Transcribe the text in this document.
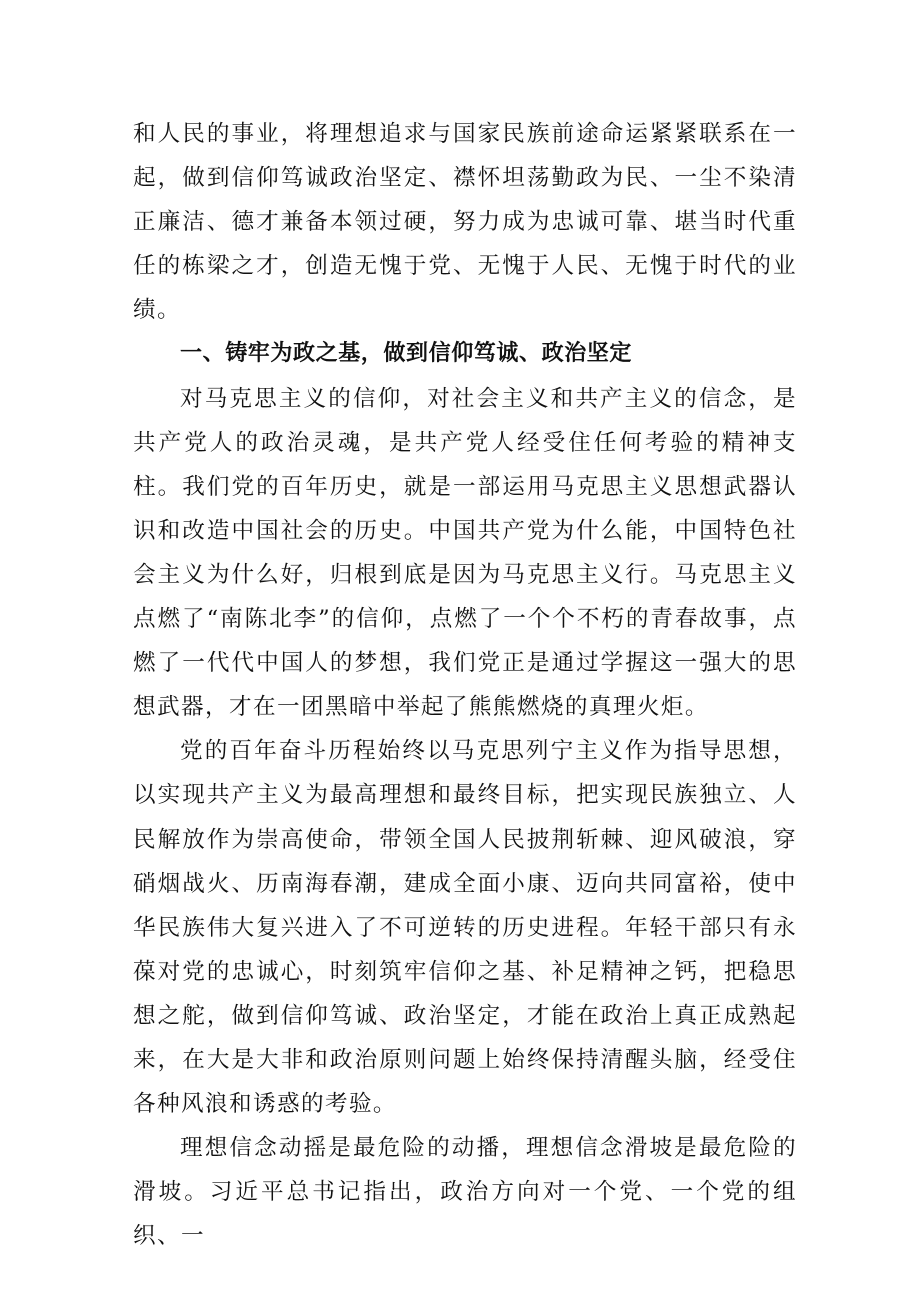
和人民的事业，将理想追求与国家民族前途命运紧紧联系在一起，做到信仰笃诚政治坚定、襟怀坦荡勤政为民、一尘不染清正廉洁、德才兼备本领过硬，努力成为忠诚可靠、堪当时代重任的栋梁之才，创造无愧于党、无愧于人民、无愧于时代的业绩。

一、铸牢为政之基，做到信仰笃诚、政治坚定

对马克思主义的信仰，对社会主义和共产主义的信念，是共产党人的政治灵魂，是共产党人经受住任何考验的精神支柱。我们党的百年历史，就是一部运用马克思主义思想武器认识和改造中国社会的历史。中国共产党为什么能，中国特色社会主义为什么好，归根到底是因为马克思主义行。马克思主义点燃了“南陈北李”的信仰，点燃了一个个不朽的青春故事，点燃了一代代中国人的梦想，我们党正是通过学握这一强大的思想武器，才在一团黑暗中举起了熊熊燃烧的真理火炬。

党的百年奋斗历程始终以马克思列宁主义作为指导思想，以实现共产主义为最高理想和最终目标，把实现民族独立、人民解放作为崇高使命，带领全国人民披荆斩棘、迎风破浪，穿硝烟战火、历南海春潮，建成全面小康、迈向共同富裕，使中华民族伟大复兴进入了不可逆转的历史进程。年轻干部只有永葆对党的忠诚心，时刻筑牢信仰之基、补足精神之钙，把稳思想之舵，做到信仰笃诚、政治坚定，才能在政治上真正成熟起来，在大是大非和政治原则问题上始终保持清醒头脑，经受住各种风浪和诱惑的考验。

理想信念动摇是最危险的动播，理想信念滑坡是最危险的滑坡。习近平总书记指出，政治方向对一个党、一个党的组织、一
